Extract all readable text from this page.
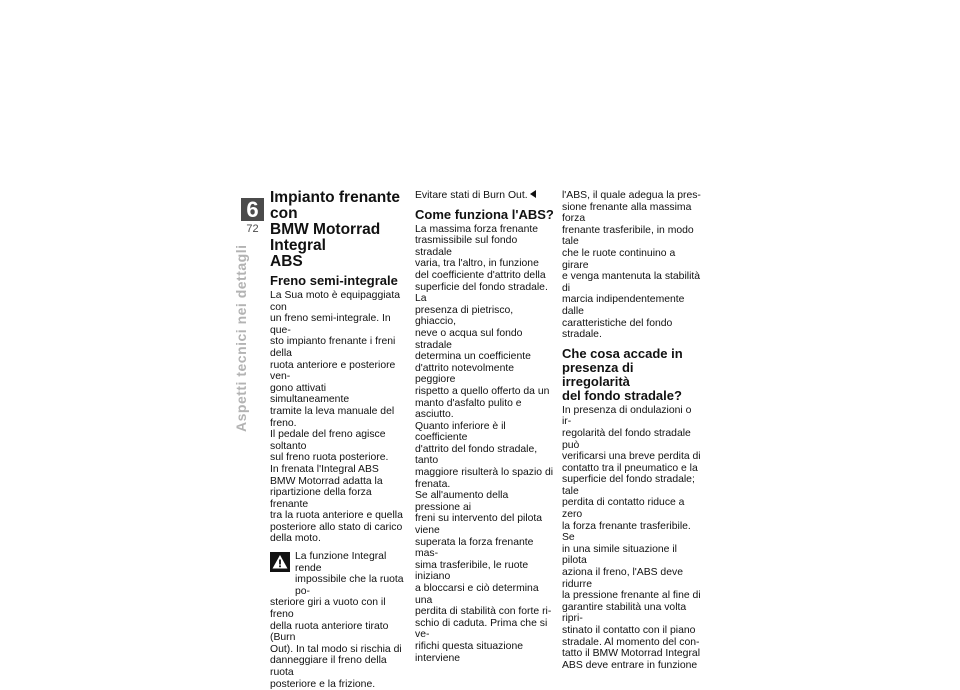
6
72
Aspetti tecnici nei dettagli
Impianto frenante con
BMW Motorrad Integral
ABS
Freno semi-integrale
La Sua moto è equipaggiata con
un freno semi-integrale. In que-
sto impianto frenante i freni della
ruota anteriore e posteriore ven-
gono attivati simultaneamente
tramite la leva manuale del freno.
Il pedale del freno agisce soltanto
sul freno ruota posteriore.
In frenata l'Integral ABS
BMW Motorrad adatta la
ripartizione della forza frenante
tra la ruota anteriore e quella
posteriore allo stato di carico
della moto.
La funzione Integral rende
impossibile che la ruota po-
steriore giri a vuoto con il freno
della ruota anteriore tirato (Burn
Out). In tal modo si rischia di
danneggiare il freno della ruota
posteriore e la frizione.
Evitare stati di Burn Out.
Come funziona l'ABS?
La massima forza frenante
trasmissibile sul fondo stradale
varia, tra l'altro, in funzione
del coefficiente d'attrito della
superficie del fondo stradale. La
presenza di pietrisco, ghiaccio,
neve o acqua sul fondo stradale
determina un coefficiente
d'attrito notevolmente peggiore
rispetto a quello offerto da un
manto d'asfalto pulito e asciutto.
Quanto inferiore è il coefficiente
d'attrito del fondo stradale, tanto
maggiore risulterà lo spazio di
frenata.
Se all'aumento della pressione ai
freni su intervento del pilota viene
superata la forza frenante mas-
sima trasferibile, le ruote iniziano
a bloccarsi e ciò determina una
perdita di stabilità con forte ri-
schio di caduta. Prima che si ve-
rifichi questa situazione interviene
l'ABS, il quale adegua la pres-
sione frenante alla massima forza
frenante trasferibile, in modo tale
che le ruote continuino a girare
e venga mantenuta la stabilità di
marcia indipendentemente dalle
caratteristiche del fondo stradale.
Che cosa accade in
presenza di irregolarità
del fondo stradale?
In presenza di ondulazioni o ir-
regolarità del fondo stradale può
verificarsi una breve perdita di
contatto tra il pneumatico e la
superficie del fondo stradale; tale
perdita di contatto riduce a zero
la forza frenante trasferibile. Se
in una simile situazione il pilota
aziona il freno, l'ABS deve ridurre
la pressione frenante al fine di
garantire stabilità una volta ripri-
stinato il contatto con il piano
stradale. Al momento del con-
tatto il BMW Motorrad Integral
ABS deve entrare in funzione
